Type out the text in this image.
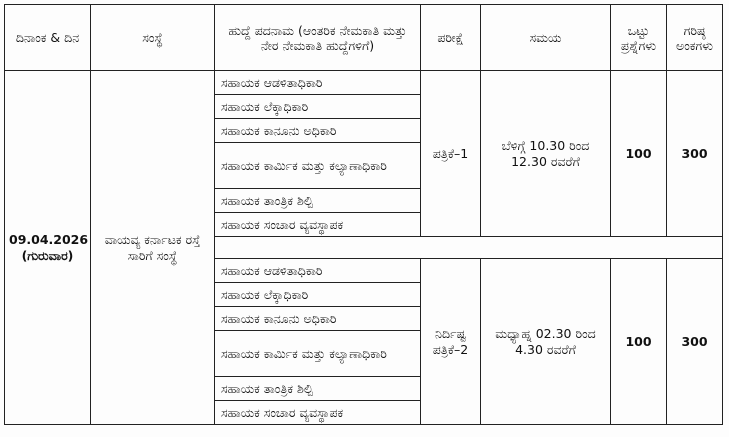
ದಿನಾಂಕ & ದಿನ	ಸಂಸ್ಥೆ	ಹುದ್ದೆ ಪದನಾಮ (ಆಂತರಿಕ ನೇಮಕಾತಿ ಮತ್ತು ನೇರ ನೇಮಕಾತಿ ಹುದ್ದೆಗಳಿಗೆ)	ಪರೀಕ್ಷೆ	ಸಮಯ	ಒಟ್ಟು ಪ್ರಶ್ನೆಗಳು	ಗರಿಷ್ಠ ಅಂಕಗಳು
09.04.2026 (ಗುರುವಾರ)	ವಾಯವ್ಯ ಕರ್ನಾಟಕ ರಸ್ತೆ ಸಾರಿಗೆ ಸಂಸ್ಥೆ	ಸಹಾಯಕ ಆಡಳಿತಾಧಿಕಾರಿ	ಪತ್ರಿಕೆ–1	ಬೆಳಿಗ್ಗೆ 10.30 ರಿಂದ 12.30 ರವರೆಗೆ	100	300
		ಸಹಾಯಕ ಲೆಕ್ಕಾಧಿಕಾರಿ				
		ಸಹಾಯಕ ಕಾನೂನು ಅಧಿಕಾರಿ				
		ಸಹಾಯಕ ಕಾರ್ಮಿಕ ಮತ್ತು ಕಲ್ಯಾಣಾಧಿಕಾರಿ				
		ಸಹಾಯಕ ತಾಂತ್ರಿಕ ಶಿಲ್ಪಿ				
		ಸಹಾಯಕ ಸಂಚಾರ ವ್ಯವಸ್ಥಾಪಕ				

		ಸಹಾಯಕ ಆಡಳಿತಾಧಿಕಾರಿ	ನಿರ್ದಿಷ್ಟ ಪತ್ರಿಕೆ–2	ಮಧ್ಯಾಹ್ನ 02.30 ರಿಂದ 4.30 ರವರೆಗೆ	100	300
		ಸಹಾಯಕ ಲೆಕ್ಕಾಧಿಕಾರಿ				
		ಸಹಾಯಕ ಕಾನೂನು ಅಧಿಕಾರಿ				
		ಸಹಾಯಕ ಕಾರ್ಮಿಕ ಮತ್ತು ಕಲ್ಯಾಣಾಧಿಕಾರಿ				
		ಸಹಾಯಕ ತಾಂತ್ರಿಕ ಶಿಲ್ಪಿ				
		ಸಹಾಯಕ ಸಂಚಾರ ವ್ಯವಸ್ಥಾಪಕ				
